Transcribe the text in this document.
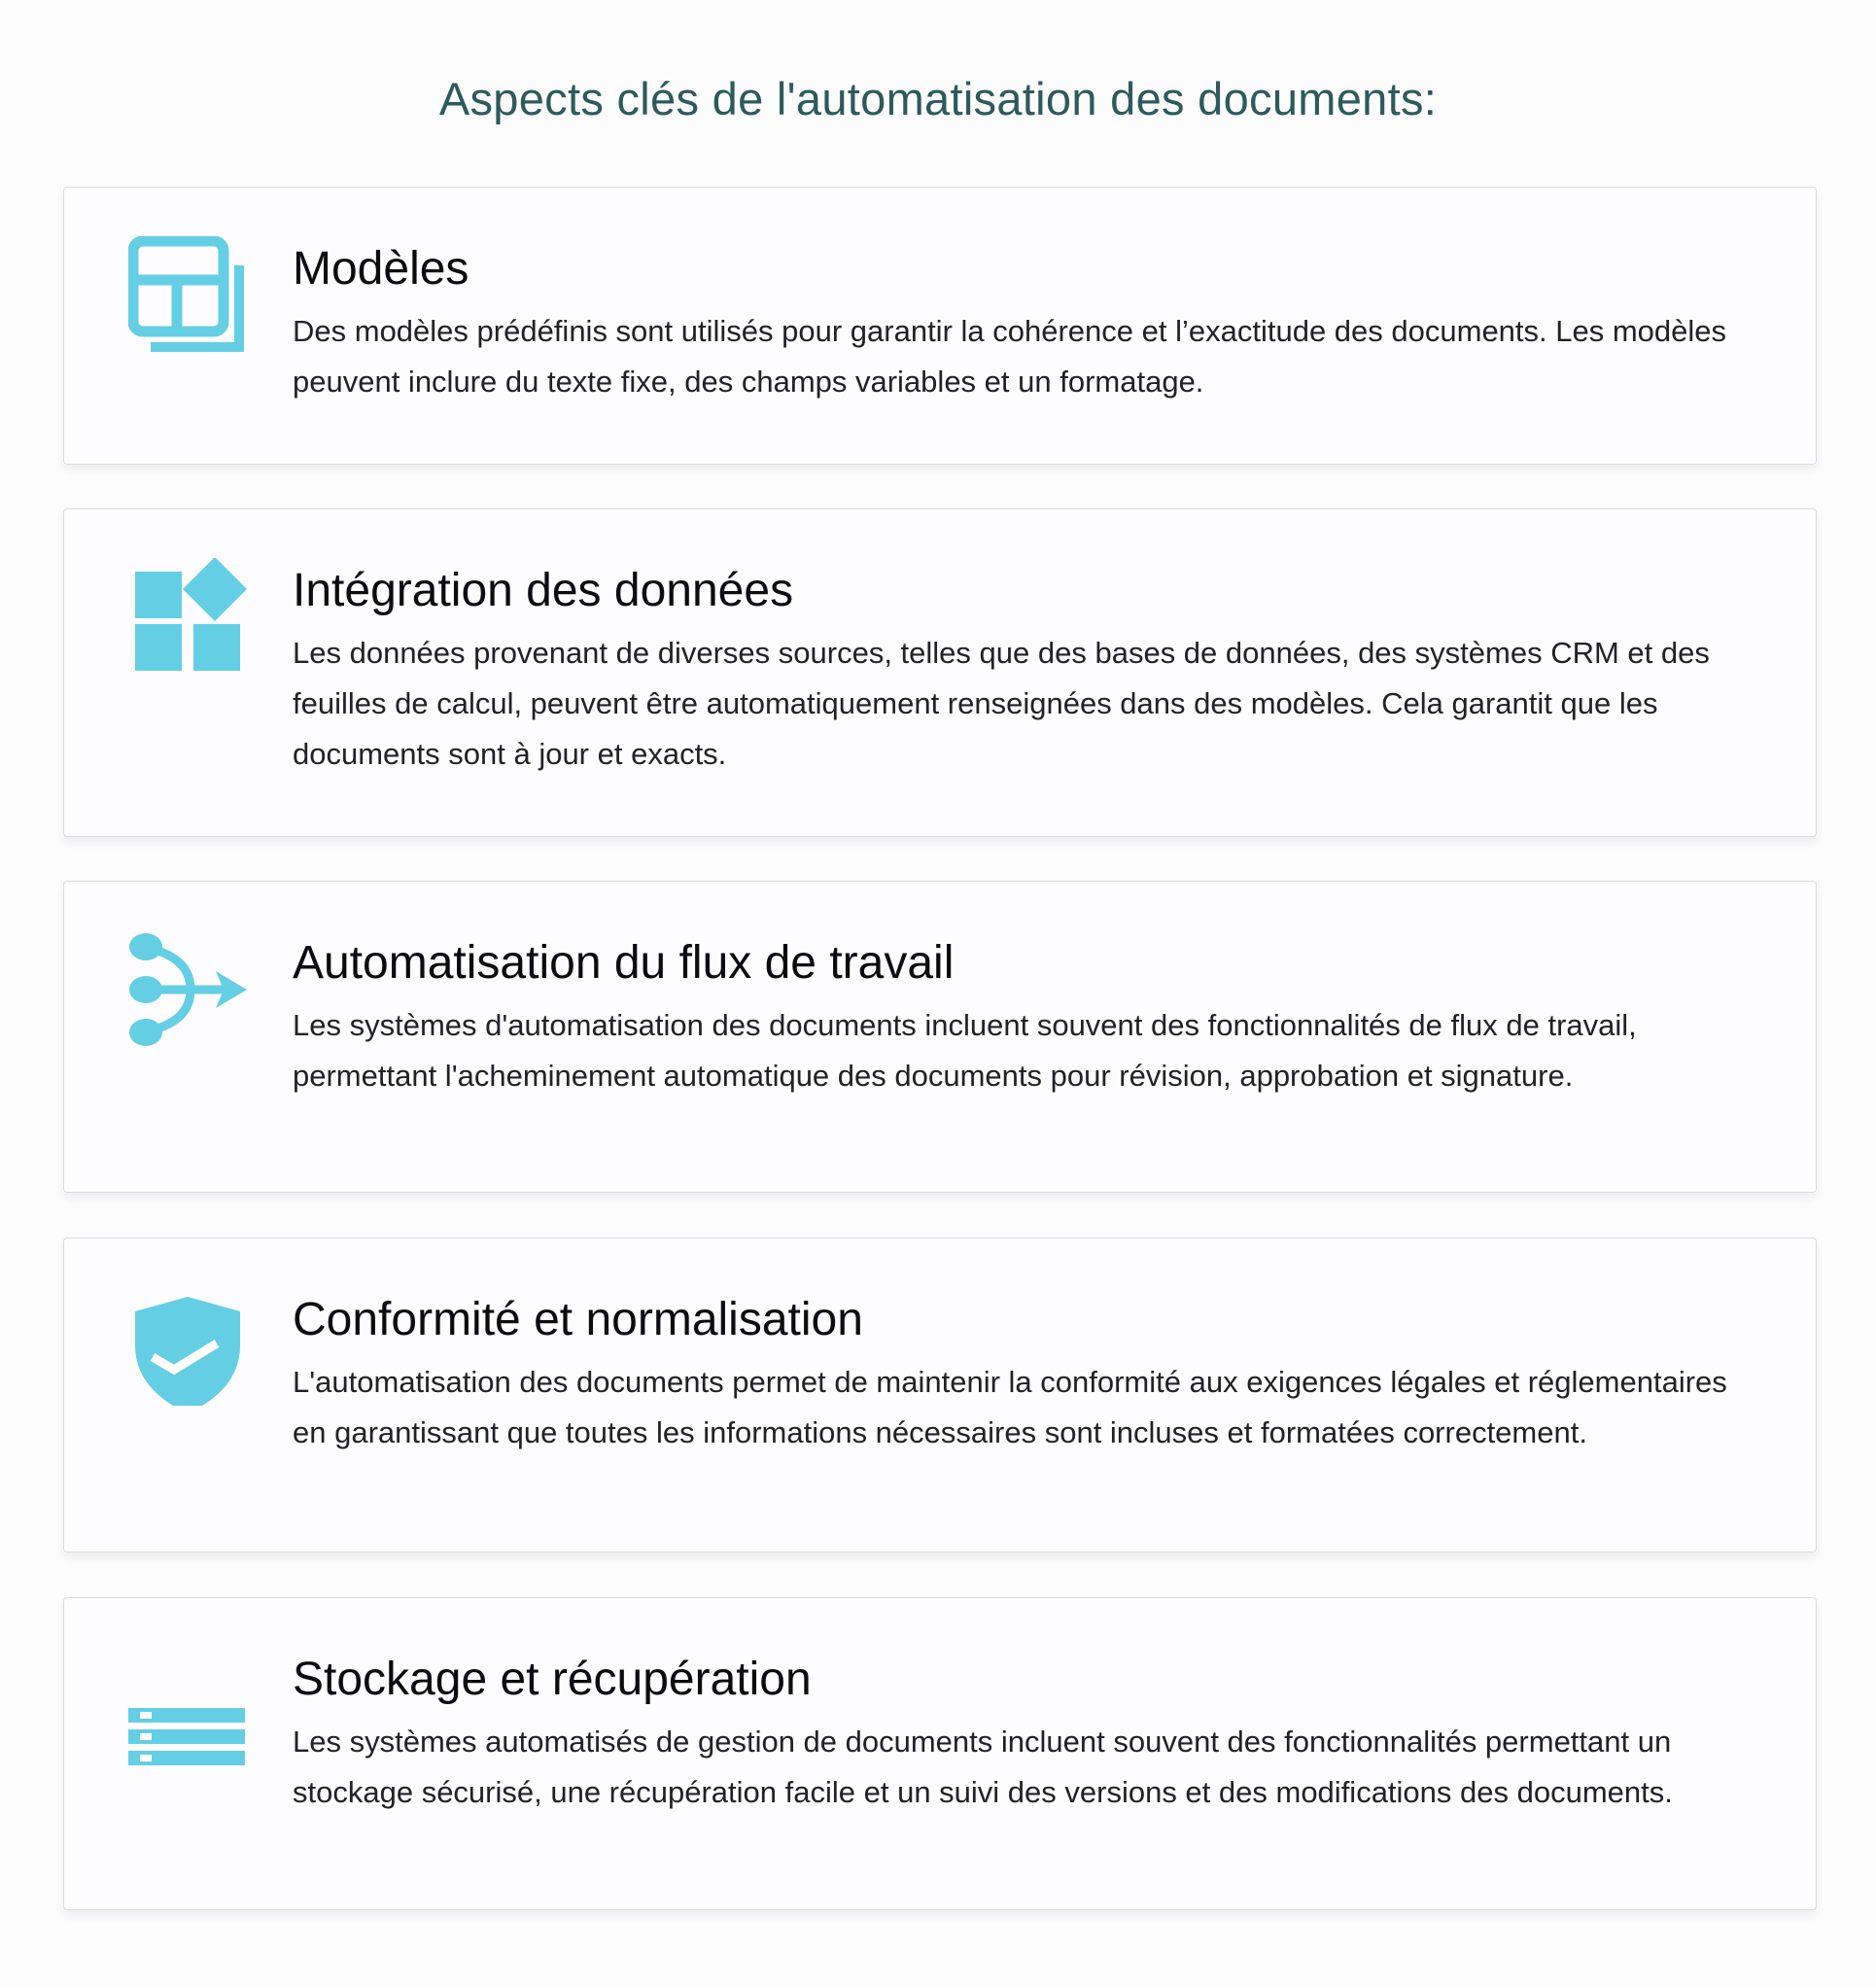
Aspects clés de l'automatisation des documents:

Modèles

Des modèles prédéfinis sont utilisés pour garantir la cohérence et l’exactitude des documents. Les modèles peuvent inclure du texte fixe, des champs variables et un formatage.

Intégration des données

Les données provenant de diverses sources, telles que des bases de données, des systèmes CRM et des feuilles de calcul, peuvent être automatiquement renseignées dans des modèles. Cela garantit que les documents sont à jour et exacts.

Automatisation du flux de travail

Les systèmes d'automatisation des documents incluent souvent des fonctionnalités de flux de travail, permettant l'acheminement automatique des documents pour révision, approbation et signature.

Conformité et normalisation

L'automatisation des documents permet de maintenir la conformité aux exigences légales et réglementaires en garantissant que toutes les informations nécessaires sont incluses et formatées correctement.

Stockage et récupération

Les systèmes automatisés de gestion de documents incluent souvent des fonctionnalités permettant un stockage sécurisé, une récupération facile et un suivi des versions et des modifications des documents.
